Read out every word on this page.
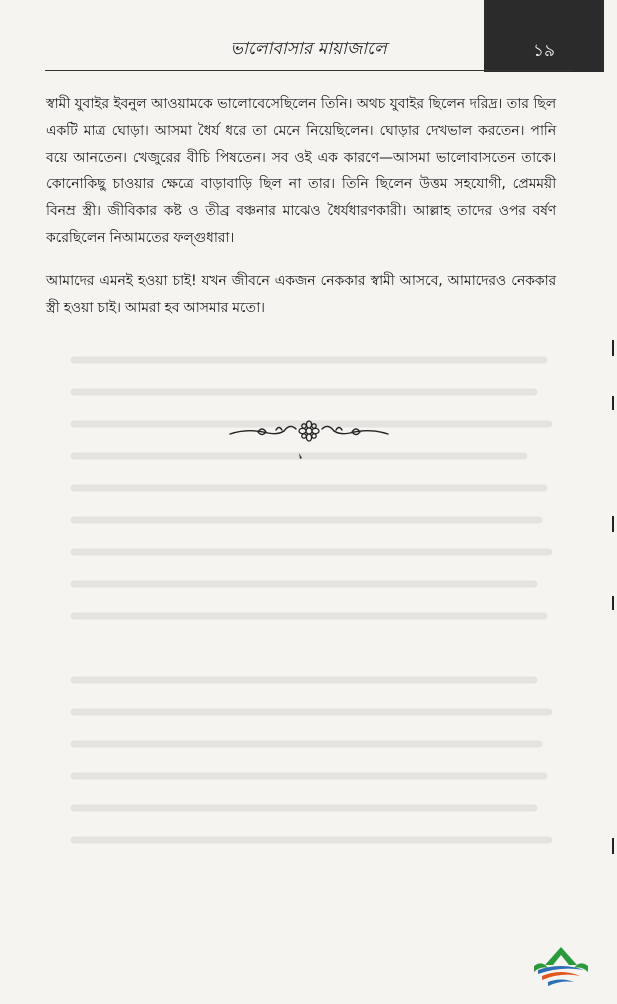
ভালোবাসার মায়াজালে	১৯
স্বামী যুবাইর ইবনুল আওয়ামকে ভালোবেসেছিলেন তিনি। অথচ যুবাইর ছিলেন দরিদ্র। তার ছিল একটি মাত্র ঘোড়া। আসমা ধৈর্য ধরে তা মেনে নিয়েছিলেন। ঘোড়ার দেখভাল করতেন। পানি বয়ে আনতেন। খেজুরের বীচি পিষতেন। সব ওই এক কারণে—আসমা ভালোবাসতেন তাকে। কোনোকিছু চাওয়ার ক্ষেত্রে বাড়াবাড়ি ছিল না তার। তিনি ছিলেন উত্তম সহযোগী, প্রেমময়ী বিনম্র স্ত্রী। জীবিকার কষ্ট ও তীব্র বঞ্চনার মাঝেও ধৈর্যধারণকারী। আল্লাহ তাদের ওপর বর্ষণ করেছিলেন নিআমতের ফল্গুধারা।
আমাদের এমনই হওয়া চাই! যখন জীবনে একজন নেককার স্বামী আসবে, আমাদেরও নেককার স্ত্রী হওয়া চাই। আমরা হব আসমার মতো।
